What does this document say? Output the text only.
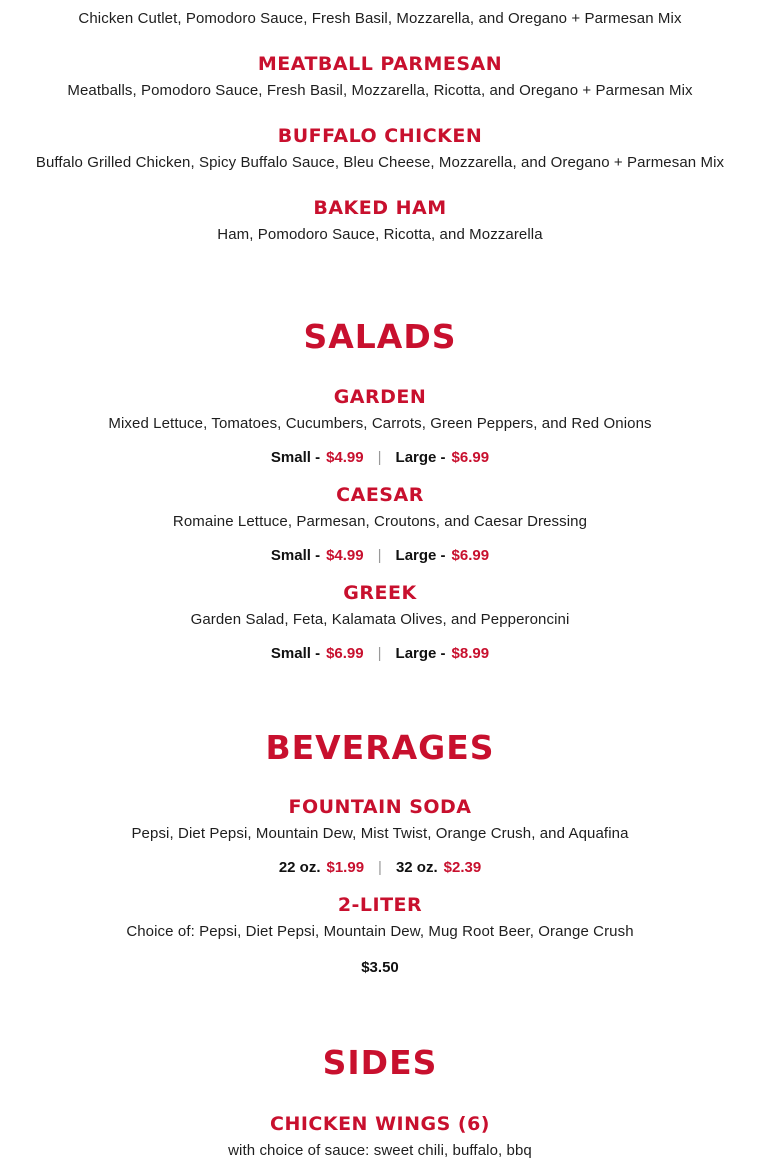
Chicken Cutlet, Pomodoro Sauce, Fresh Basil, Mozzarella, and Oregano + Parmesan Mix
MEATBALL PARMESAN
Meatballs, Pomodoro Sauce, Fresh Basil, Mozzarella, Ricotta, and Oregano + Parmesan Mix
BUFFALO CHICKEN
Buffalo Grilled Chicken, Spicy Buffalo Sauce, Bleu Cheese, Mozzarella, and Oregano + Parmesan Mix
BAKED HAM
Ham, Pomodoro Sauce, Ricotta, and Mozzarella
SALADS
GARDEN
Mixed Lettuce, Tomatoes, Cucumbers, Carrots, Green Peppers, and Red Onions
Small - $4.99 | Large - $6.99
CAESAR
Romaine Lettuce, Parmesan, Croutons, and Caesar Dressing
Small - $4.99 | Large - $6.99
GREEK
Garden Salad, Feta, Kalamata Olives, and Pepperoncini
Small - $6.99 | Large - $8.99
BEVERAGES
FOUNTAIN SODA
Pepsi, Diet Pepsi, Mountain Dew, Mist Twist, Orange Crush, and Aquafina
22 oz. $1.99 | 32 oz. $2.39
2-LITER
Choice of: Pepsi, Diet Pepsi, Mountain Dew, Mug Root Beer, Orange Crush
$3.50
SIDES
CHICKEN WINGS (6)
with choice of sauce: sweet chili, buffalo, bbq
